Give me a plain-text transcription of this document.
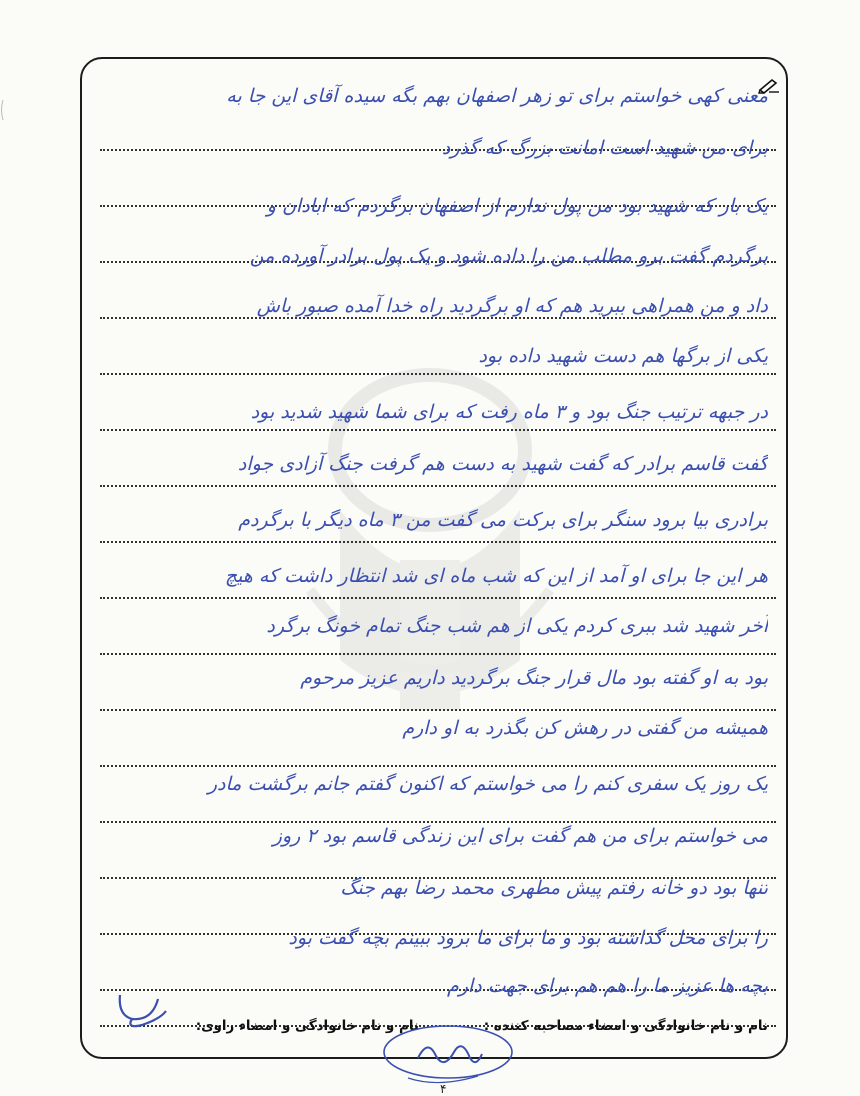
معنی کهی خواستم برای تو زهر اصفهان بهم بگه سیده آقای این جا به
برای من شهید است امانت بزرگ که گذرد
یک بار که شهید بود من پول ندارم از اصفهان برگردم که ابادان و
برگردم گفت برو مطلب من را داده شود و یک پول برادر آورده من
داد و من همراهی ببرید هم که او برگردید راه خدا آمده صبور باش
یکی از برگها هم دست شهید داده بود
در جبهه ترتیب جنگ بود و ۳ ماه رفت که برای شما شهید شدید بود
گفت قاسم برادر که گفت شهید به دست هم گرفت جنگ آزادی جواد
برادری بیا برود سنگر برای برکت می گفت من ۳ ماه دیگر با برگردم
هر این جا برای او آمد از این که شب ماه ای شد انتظار داشت که هیچ
آخر شهید شد ببری کردم یکی از هم شب جنگ تمام خونگ برگرد
بود به او گفته بود مال قرار جنگ برگردید داریم عزیز مرحوم
همیشه من گفتی در رهش کن بگذرد به او دارم
یک روز یک سفری کنم را می خواستم که اکنون گفتم جانم برگشت مادر
می خواستم برای من هم گفت برای این زندگی قاسم بود ۲ روز
تنها بود دو خانه رفتم پیش مطهری محمد رضا بهم جنگ
را برای محل گذاشته بود و ما برای ما برود ببینم بچه گفت بود
بچه ها عزیز ما را هم هم برای جهت دارم
نام و نام خانوادگی و امضاء مصاحبه کننده : نام و نام خانوادگی و امضاء راوی:
۴
